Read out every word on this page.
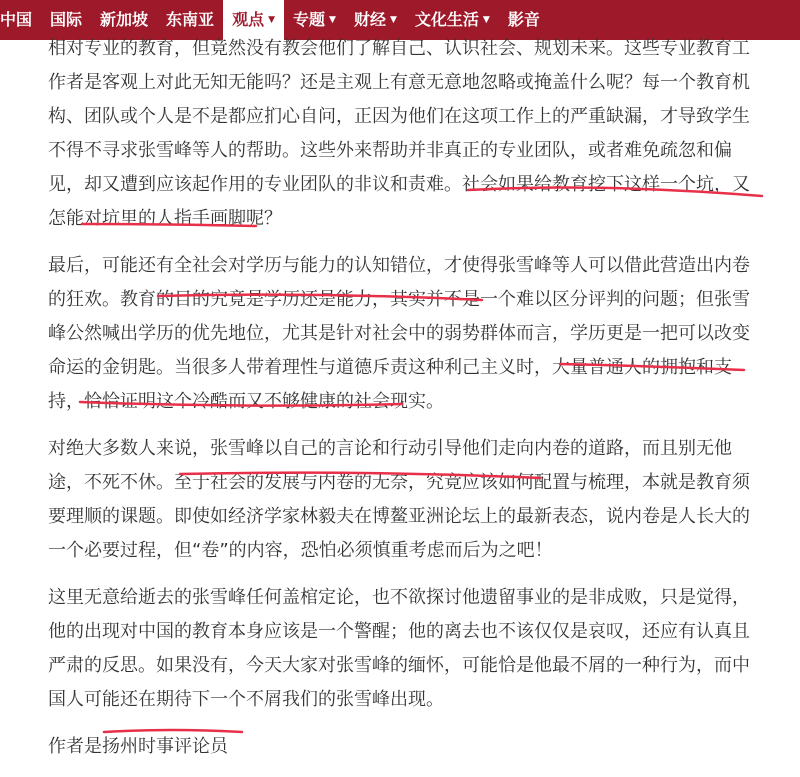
中国 国际 新加坡 东南亚 观点 ▼ 专题 ▼ 财经 ▼ 文化生活 ▼ 影音
相对专业的教育，但竟然没有教会他们了解自己、认识社会、规划未来。这些专业教育工
作者是客观上对此无知无能吗？还是主观上有意无意地忽略或掩盖什么呢？每一个教育机
构、团队或个人是不是都应扪心自问，正因为他们在这项工作上的严重缺漏，才导致学生
不得不寻求张雪峰等人的帮助。这些外来帮助并非真正的专业团队，或者难免疏忽和偏
见，却又遭到应该起作用的专业团队的非议和责难。社会如果给教育挖下这样一个坑，又
怎能对坑里的人指手画脚呢？
最后，可能还有全社会对学历与能力的认知错位，才使得张雪峰等人可以借此营造出内卷
的狂欢。教育的目的究竟是学历还是能力，其实并不是一个难以区分评判的问题；但张雪
峰公然喊出学历的优先地位，尤其是针对社会中的弱势群体而言，学历更是一把可以改变
命运的金钥匙。当很多人带着理性与道德斥责这种利己主义时，大量普通人的拥抱和支
持，恰恰证明这个冷酷而又不够健康的社会现实。
对绝大多数人来说，张雪峰以自己的言论和行动引导他们走向内卷的道路，而且别无他
途，不死不休。至于社会的发展与内卷的无奈，究竟应该如何配置与梳理，本就是教育须
要理顺的课题。即使如经济学家林毅夫在博鳌亚洲论坛上的最新表态，说内卷是人长大的
一个必要过程，但“卷”的内容，恐怕必须慎重考虑而后为之吧！
这里无意给逝去的张雪峰任何盖棺定论，也不欲探讨他遗留事业的是非成败，只是觉得，
他的出现对中国的教育本身应该是一个警醒；他的离去也不该仅仅是哀叹，还应有认真且
严肃的反思。如果没有，今天大家对张雪峰的缅怀，可能恰是他最不屑的一种行为，而中
国人可能还在期待下一个不屑我们的张雪峰出现。
作者是扬州时事评论员
